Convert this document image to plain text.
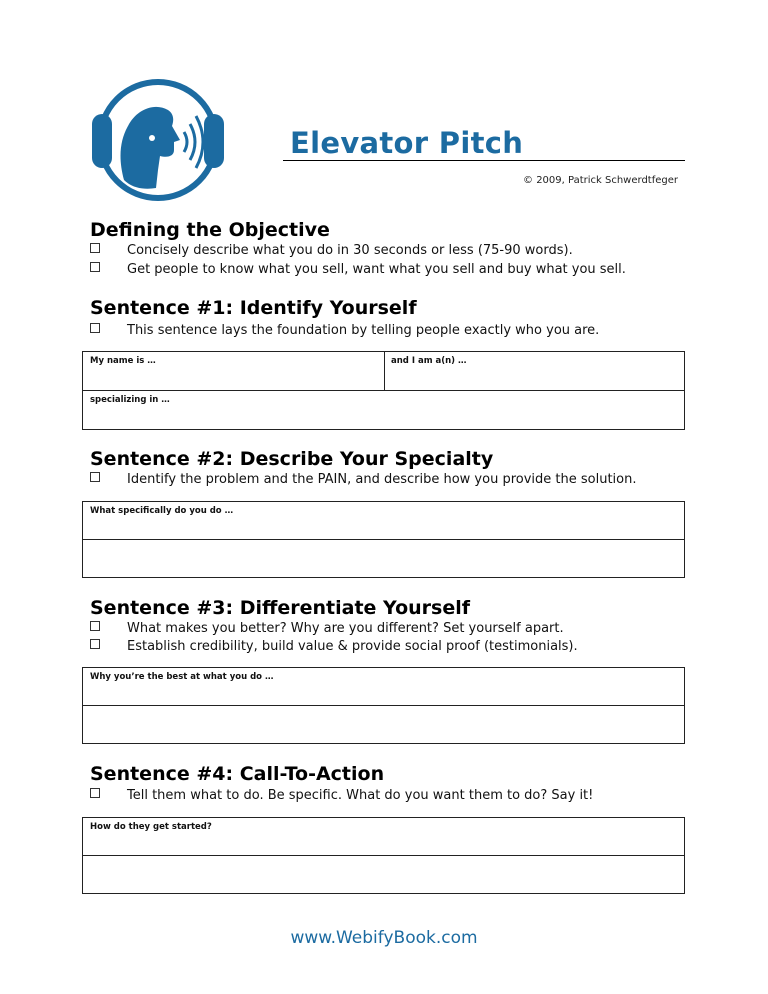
Elevator Pitch
© 2009, Patrick Schwerdtfeger
Defining the Objective
Concisely describe what you do in 30 seconds or less (75-90 words).
Get people to know what you sell, want what you sell and buy what you sell.
Sentence #1: Identify Yourself
This sentence lays the foundation by telling people exactly who you are.
My name is …	and I am a(n) …
specializing in …
Sentence #2: Describe Your Specialty
Identify the problem and the PAIN, and describe how you provide the solution.
What specifically do you do …
Sentence #3: Differentiate Yourself
What makes you better? Why are you different? Set yourself apart.
Establish credibility, build value & provide social proof (testimonials).
Why you’re the best at what you do …
Sentence #4: Call-To-Action
Tell them what to do. Be specific. What do you want them to do? Say it!
How do they get started?
www.WebifyBook.com
